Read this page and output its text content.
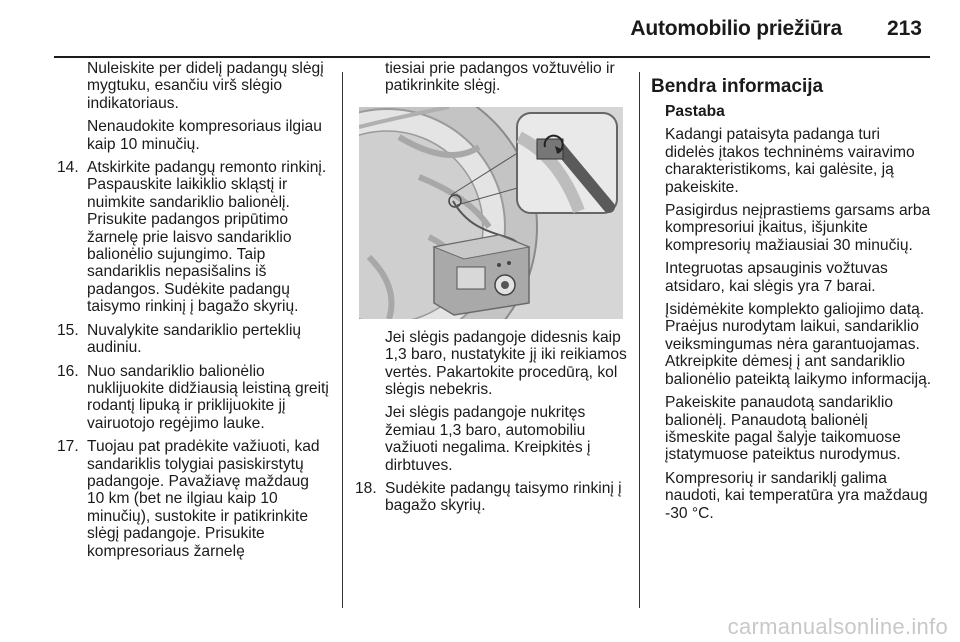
Automobilio priežiūra 213

Nuleiskite per didelį padangų slėgį mygtuku, esančiu virš slėgio indikatoriaus.

Nenaudokite kompresoriaus ilgiau kaip 10 minučių.

14. Atskirkite padangų remonto rinkinį. Paspauskite laikiklio skląstį ir nuimkite sandariklio balionėlį. Prisukite padangos pripūtimo žarnelę prie laisvo sandariklio balionėlio sujungimo. Taip sandariklis nepasišalins iš padangos. Sudėkite padangų taisymo rinkinį į bagažo skyrių.
15. Nuvalykite sandariklio perteklių audiniu.
16. Nuo sandariklio balionėlio nuklijuokite didžiausią leistiną greitį rodantį lipuką ir priklijuokite jį vairuotojo regėjimo lauke.
17. Tuojau pat pradėkite važiuoti, kad sandariklis tolygiai pasiskirstytų padangoje. Pavažiavę maždaug 10 km (bet ne ilgiau kaip 10 minučių), sustokite ir patikrinkite slėgį padangoje. Prisukite kompresoriaus žarnelę

tiesiai prie padangos vožtuvėlio ir patikrinkite slėgį.

Jei slėgis padangoje didesnis kaip 1,3 baro, nustatykite jį iki reikiamos vertės. Pakartokite procedūrą, kol slėgis nebekris.

Jei slėgis padangoje nukritęs žemiau 1,3 baro, automobiliu važiuoti negalima. Kreipkitės į dirbtuves.

18. Sudėkite padangų taisymo rinkinį į bagažo skyrių.
Bendra informacija

Pastaba

Kadangi pataisyta padanga turi didelės įtakos techninėms vairavimo charakteristikoms, kai galėsite, ją pakeiskite.

Pasigirdus neįprastiems garsams arba kompresoriui įkaitus, išjunkite kompresorių mažiausiai 30 minučių.

Integruotas apsauginis vožtuvas atsidaro, kai slėgis yra 7 barai.

Įsidėmėkite komplekto galiojimo datą. Praėjus nurodytam laikui, sandariklio veiksmingumas nėra garantuojamas. Atkreipkite dėmesį į ant sandariklio balionėlio pateiktą laikymo informaciją.

Pakeiskite panaudotą sandariklio balionėlį. Panaudotą balionėlį išmeskite pagal šalyje taikomuose įstatymuose pateiktus nurodymus.

Kompresorių ir sandariklį galima naudoti, kai temperatūra yra maždaug -30 °C.

carmanualsonline.info
